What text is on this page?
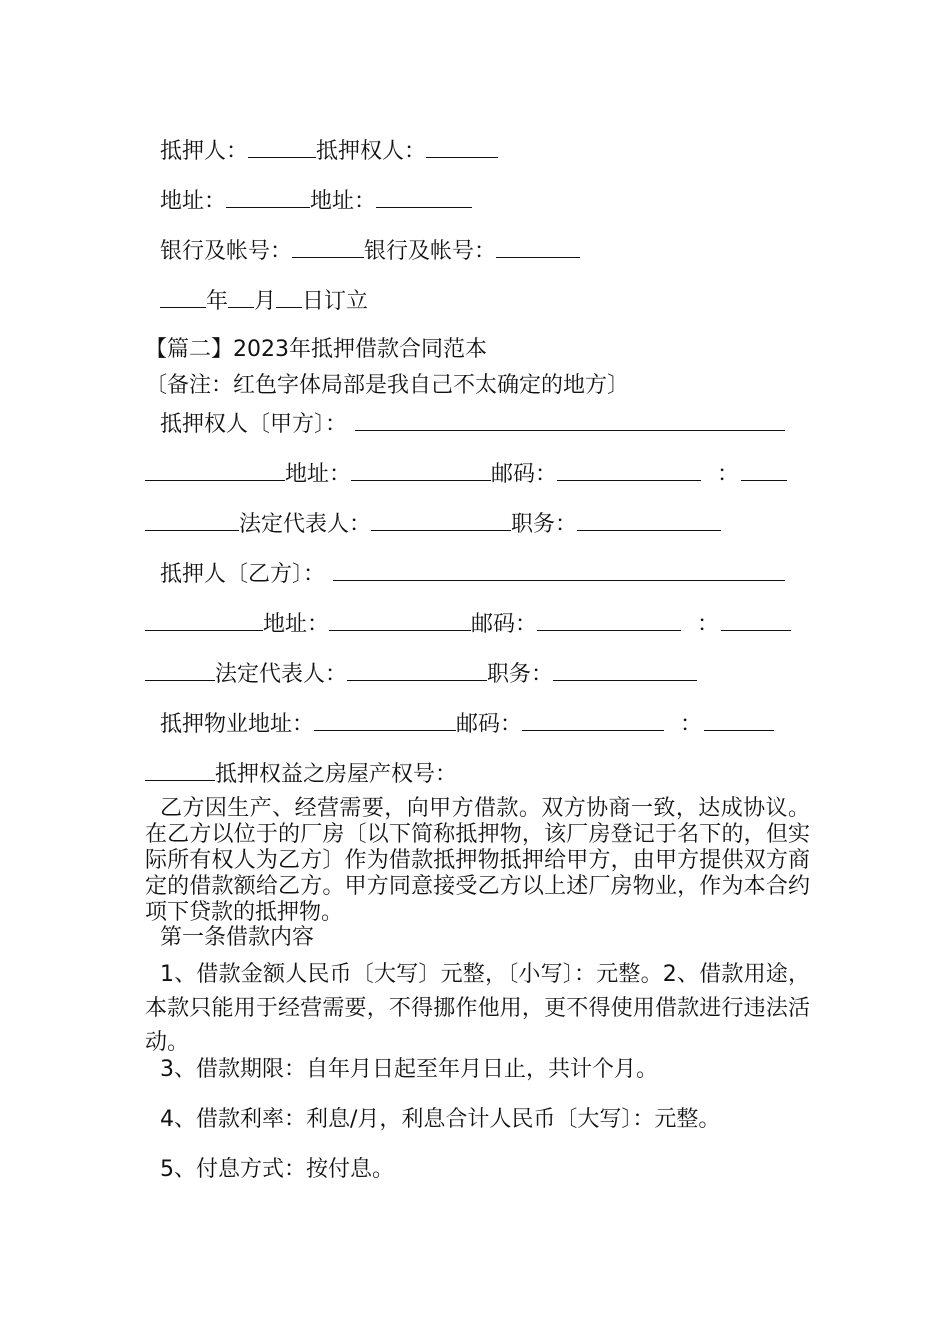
抵押人：	抵押权人：
地址：	地址：
银行及帐号：	银行及帐号：
年 月 日订立
【篇二】2023年抵押借款合同范本
〔备注：红色字体局部是我自己不太确定的地方〕
抵押权人〔甲方〕：
地址：	邮码：	：
法定代表人：	职务：
抵押人〔乙方〕：
地址：	邮码：	：
法定代表人：	职务：
抵押物业地址：	邮码：	：
抵押权益之房屋产权号：
乙方因生产、经营需要，向甲方借款。双方协商一致，达成协议。在乙方以位于的厂房〔以下简称抵押物，该厂房登记于名下的，但实际所有权人为乙方〕作为借款抵押物抵押给甲方，由甲方提供双方商定的借款额给乙方。甲方同意接受乙方以上述厂房物业，作为本合约项下贷款的抵押物。
第一条借款内容
1、借款金额人民币〔大写〕元整，〔小写〕：元整。2、借款用途，本款只能用于经营需要，不得挪作他用，更不得使用借款进行违法活动。
3、借款期限：自年月日起至年月日止，共计个月。
4、借款利率：利息/月，利息合计人民币〔大写〕：元整。
5、付息方式：按付息。
